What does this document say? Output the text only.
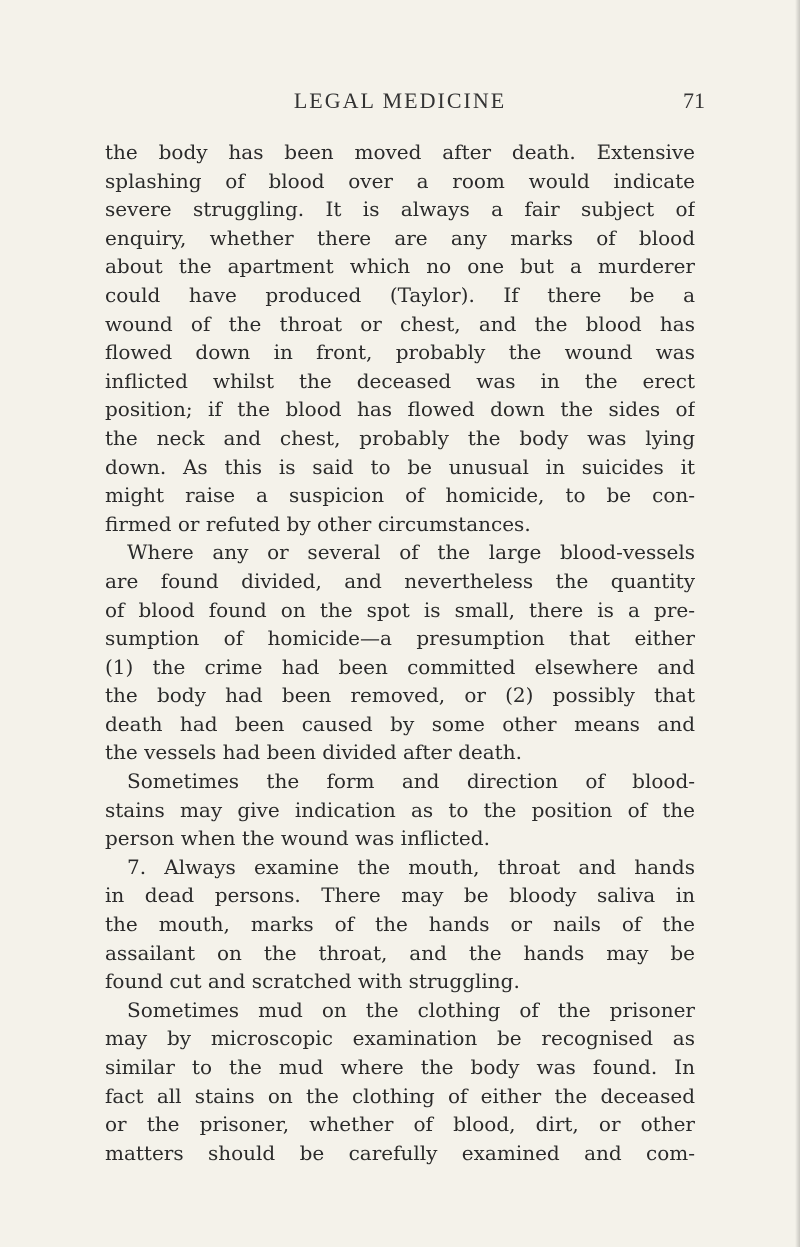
LEGAL MEDICINE	71
the body has been moved after death. Extensive
splashing of blood over a room would indicate
severe struggling. It is always a fair subject of
enquiry, whether there are any marks of blood
about the apartment which no one but a murderer
could have produced (Taylor). If there be a
wound of the throat or chest, and the blood has
flowed down in front, probably the wound was
inflicted whilst the deceased was in the erect
position; if the blood has flowed down the sides of
the neck and chest, probably the body was lying
down. As this is said to be unusual in suicides it
might raise a suspicion of homicide, to be con-
firmed or refuted by other circumstances.
Where any or several of the large blood-vessels
are found divided, and nevertheless the quantity
of blood found on the spot is small, there is a pre-
sumption of homicide—a presumption that either
(1) the crime had been committed elsewhere and
the body had been removed, or (2) possibly that
death had been caused by some other means and
the vessels had been divided after death.
Sometimes the form and direction of blood-
stains may give indication as to the position of the
person when the wound was inflicted.
7. Always examine the mouth, throat and hands
in dead persons. There may be bloody saliva in
the mouth, marks of the hands or nails of the
assailant on the throat, and the hands may be
found cut and scratched with struggling.
Sometimes mud on the clothing of the prisoner
may by microscopic examination be recognised as
similar to the mud where the body was found. In
fact all stains on the clothing of either the deceased
or the prisoner, whether of blood, dirt, or other
matters should be carefully examined and com-
